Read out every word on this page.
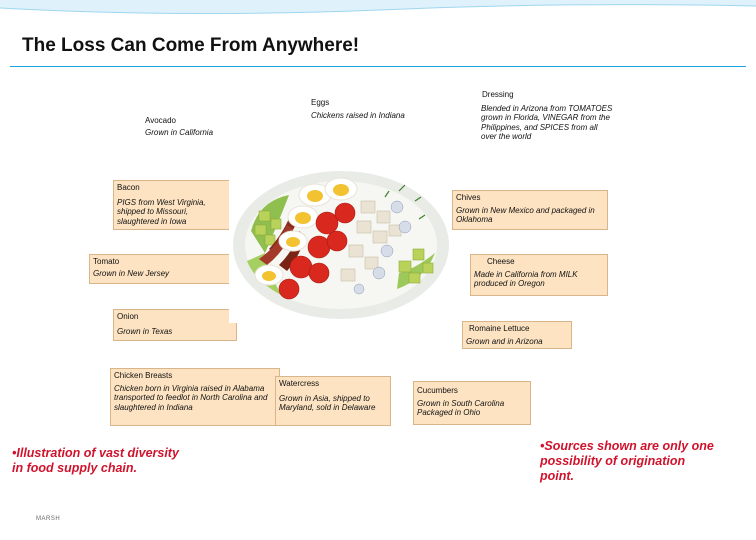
The Loss Can Come From Anywhere!
Eggs
Chickens raised in Indiana
Dressing
Blended in Arizona from TOMATOES grown in Florida, VINEGAR from the Philippines, and SPICES from all over the world
Avocado
Grown in California
Bacon
PIGS from West Virginia, shipped to Missouri, slaughtered in Iowa
Chives
Grown in New Mexico and packaged in Oklahoma
Tomato
Grown in New Jersey
Cheese
Made in California from MILK produced in Oregon
Onion
Grown in Texas	Romaine Lettuce
Grown and in Arizona
Chicken Breasts
Chicken born in Virginia raised in Alabama transported to feedlot in North Carolina and slaughtered in Indiana
Watercress
Grown in Asia, shipped to Maryland, sold in Delaware
Cucumbers
Grown in South Carolina Packaged in Ohio
•Illustration of vast diversity in food supply chain.
•Sources shown are only one possibility of origination point.
MARSH
